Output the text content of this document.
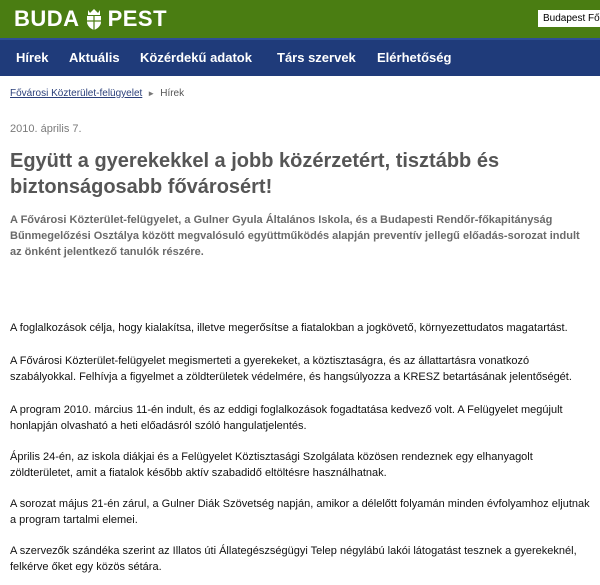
BUDA PEST	Budapest Fő
Hírek Aktuális Közérdekű adatok Társ szervek Elérhetőség
Fővárosi Közterület-felügyelet ► Hírek
2010. április 7.
Együtt a gyerekekkel a jobb közérzetért, tisztább és biztonságosabb fővárosért!

A Fővárosi Közterület-felügyelet, a Gulner Gyula Általános Iskola, és a Budapesti Rendőr-főkapitányság Bűnmegelőzési Osztálya között megvalósuló együttműködés alapján preventív jellegű előadás-sorozat indult az önként jelentkező tanulók részére.

A foglalkozások célja, hogy kialakítsa, illetve megerősítse a fiatalokban a jogkövető, környezettudatos magatartást.

A Fővárosi Közterület-felügyelet megismerteti a gyerekeket, a köztisztaságra, és az állattartásra vonatkozó szabályokkal. Felhívja a figyelmet a zöldterületek védelmére, és hangsúlyozza a KRESZ betartásának jelentőségét.

A program 2010. március 11-én indult, és az eddigi foglalkozások fogadtatása kedvező volt. A Felügyelet megújult honlapján olvasható a heti előadásról szóló hangulatjelentés.

Április 24-én, az iskola diákjai és a Felügyelet Köztisztasági Szolgálata közösen rendeznek egy elhanyagolt zöldterületet, amit a fiatalok később aktív szabadidő eltöltésre használhatnak.

A sorozat május 21-én zárul, a Gulner Diák Szövetség napján, amikor a délelőtt folyamán minden évfolyamhoz eljutnak a program tartalmi elemei.

A szervezők szándéka szerint az Illatos úti Állategészségügyi Telep négylábú lakói látogatást tesznek a gyerekeknél, felkérve őket egy közös sétára.
